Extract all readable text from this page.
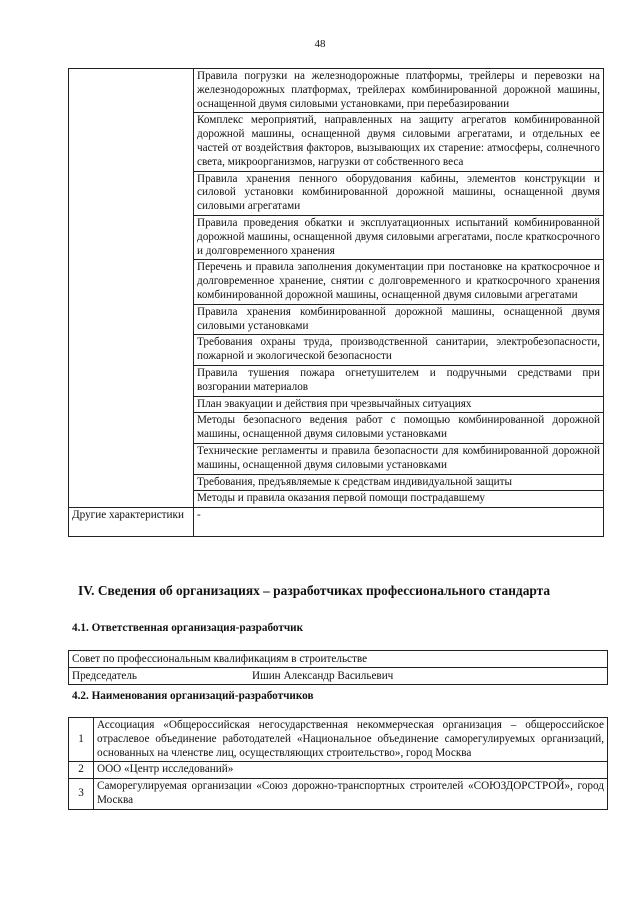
48
	Правила погрузки на железнодорожные платформы, трейлеры и перевозки на железнодорожных платформах, трейлерах комбинированной дорожной машины, оснащенной двумя силовыми установками, при перебазировании
	Комплекс мероприятий, направленных на защиту агрегатов комбинированной дорожной машины, оснащенной двумя силовыми агрегатами, и отдельных ее частей от воздействия факторов, вызывающих их старение: атмосферы, солнечного света, микроорганизмов, нагрузки от собственного веса
	Правила хранения пенного оборудования кабины, элементов конструкции и силовой установки комбинированной дорожной машины, оснащенной двумя силовыми агрегатами
	Правила проведения обкатки и эксплуатационных испытаний комбинированной дорожной машины, оснащенной двумя силовыми агрегатами, после краткосрочного и долговременного хранения
	Перечень и правила заполнения документации при постановке на краткосрочное и долговременное хранение, снятии с долговременного и краткосрочного хранения комбинированной дорожной машины, оснащенной двумя силовыми агрегатами
	Правила хранения комбинированной дорожной машины, оснащенной двумя силовыми установками
	Требования охраны труда, производственной санитарии, электробезопасности, пожарной и экологической безопасности
	Правила тушения пожара огнетушителем и подручными средствами при возгорании материалов
	План эвакуации и действия при чрезвычайных ситуациях
	Методы безопасного ведения работ с помощью комбинированной дорожной машины, оснащенной двумя силовыми установками
	Технические регламенты и правила безопасности для комбинированной дорожной машины, оснащенной двумя силовыми установками
	Требования, предъявляемые к средствам индивидуальной защиты
	Методы и правила оказания первой помощи пострадавшему
Другие характеристики	-
IV. Сведения об организациях – разработчиках профессионального стандарта
4.1. Ответственная организация-разработчик
Совет по профессиональным квалификациям в строительстве

Председатель	Ишин Александр Васильевич
4.2. Наименования организаций-разработчиков
1	Ассоциация «Общероссийская негосударственная некоммерческая организация – общероссийское отраслевое объединение работодателей «Национальное объединение саморегулируемых организаций, основанных на членстве лиц, осуществляющих строительство», город Москва
2	ООО «Центр исследований»
3	Саморегулируемая организации «Союз дорожно-транспортных строителей «СОЮЗДОРСТРОЙ», город Москва
